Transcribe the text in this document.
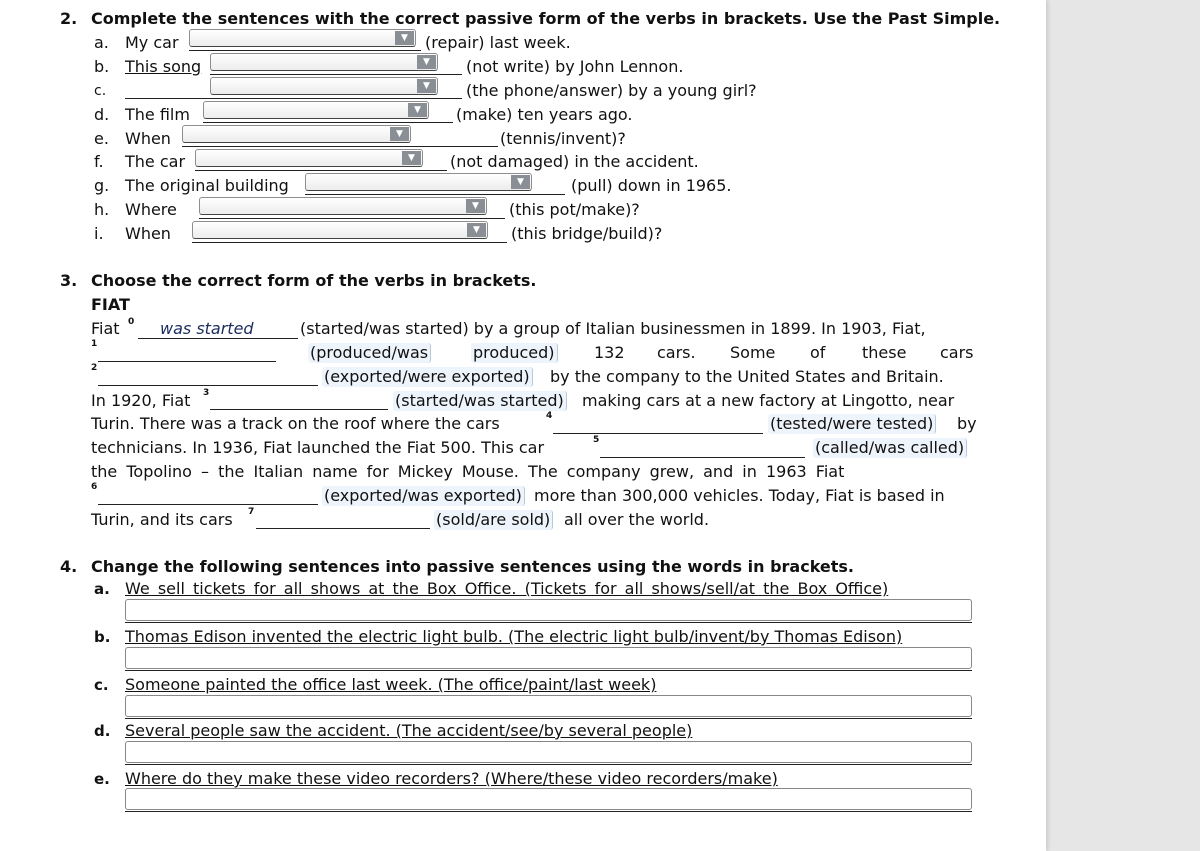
2. Complete the sentences with the correct passive form of the verbs in brackets. Use the Past Simple.
a. My car	▼	(repair) last week.
b. This song	▼	(not write) by John Lennon.
c.	▼	(the phone/answer) by a young girl?
d. The film	▼	(make) ten years ago.
e. When	▼	(tennis/invent)?
f. The car	▼	(not damaged) in the accident.
g. The original building	▼	(pull) down in 1965.
h. Where	▼	(this pot/make)?
i. When	▼	(this bridge/build)?
3. Choose the correct form of the verbs in brackets.
FIAT
Fiat 0 was started	(started/was started) by a group of Italian businessmen in 1899. In 1903, Fiat,
1	(produced/was	produced) 132 cars. Some of these cars
2	(exported/were exported) by the company to the United States and Britain.
In 1920, Fiat 3	(started/was started) making cars at a new factory at Lingotto, near
Turin. There was a track on the roof where the cars	4	(tested/were tested) by
technicians. In 1936, Fiat launched the Fiat 500. This car	5	(called/was called)
the Topolino – the Italian name for Mickey Mouse. The company grew, and in 1963 Fiat
6	(exported/was exported) more than 300,000 vehicles. Today, Fiat is based in
Turin, and its cars 7	(sold/are sold) all over the world.
4. Change the following sentences into passive sentences using the words in brackets.
a. We sell tickets for all shows at the Box Office. (Tickets for all shows/sell/at the Box Office)
b. Thomas Edison invented the electric light bulb. (The electric light bulb/invent/by Thomas Edison)
c. Someone painted the office last week. (The office/paint/last week)
d. Several people saw the accident. (The accident/see/by several people)
e. Where do they make these video recorders? (Where/these video recorders/make)
